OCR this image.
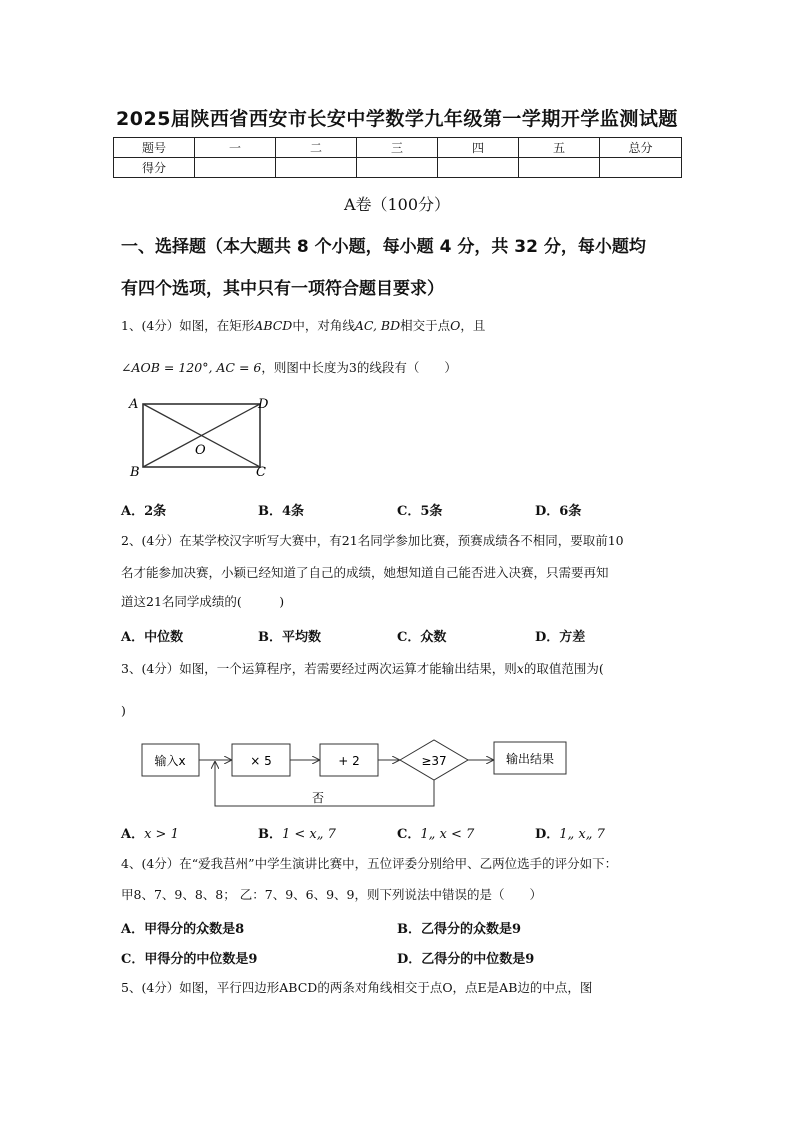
2025届陕西省西安市长安中学数学九年级第一学期开学监测试题
题号	一	二	三	四	五	总分
得分						
A卷（100分）
一、选择题（本大题共 8 个小题，每小题 4 分，共 32 分，每小题均
有四个选项，其中只有一项符合题目要求）
1、(4分）如图，在矩形ABCD中，对角线AC, BD相交于点O，且
∠AOB = 120°, AC = 6，则图中长度为3的线段有（　　）
A	D
O
B	C
A．2条	B．4条	C．5条	D．6条
2、(4分）在某学校汉字听写大赛中，有21名同学参加比赛，预赛成绩各不相同，要取前10
名才能参加决赛，小颖已经知道了自己的成绩，她想知道自己能否进入决赛，只需要再知
道这21名同学成绩的(　　　)
A．中位数	B．平均数	C．众数	D．方差
3、(4分）如图，一个运算程序，若需要经过两次运算才能输出结果，则x的取值范围为(
)
输入x	× 5	+ 2	≥37	输出结果
否
A．x > 1	B．1 < x„ 7	C．1„ x < 7	D．1„ x„ 7
4、(4分）在“爱我莒州”中学生演讲比赛中，五位评委分别给甲、乙两位选手的评分如下：
甲8、7、9、8、8； 乙：7、9、6、9、9，则下列说法中错误的是（　　）
A．甲得分的众数是8	B．乙得分的众数是9
C．甲得分的中位数是9	D．乙得分的中位数是9
5、(4分）如图，平行四边形ABCD的两条对角线相交于点O，点E是AB边的中点，图
